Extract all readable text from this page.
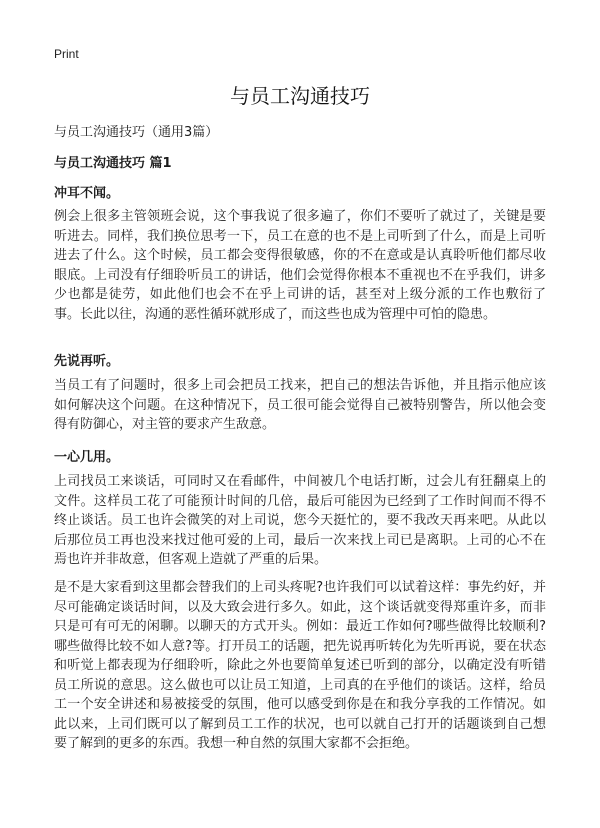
Print
与员工沟通技巧
与员工沟通技巧（通用3篇）
与员工沟通技巧 篇1
冲耳不闻。
例会上很多主管领班会说，这个事我说了很多遍了，你们不要听了就过了，关键是要听进去。同样，我们换位思考一下，员工在意的也不是上司听到了什么，而是上司听进去了什么。这个时候，员工都会变得很敏感，你的不在意或是认真聆听他们都尽收眼底。上司没有仔细聆听员工的讲话，他们会觉得你根本不重视也不在乎我们，讲多少也都是徒劳，如此他们也会不在乎上司讲的话，甚至对上级分派的工作也敷衍了事。长此以往，沟通的恶性循环就形成了，而这些也成为管理中可怕的隐患。
先说再听。
当员工有了问题时，很多上司会把员工找来，把自己的想法告诉他，并且指示他应该如何解决这个问题。在这种情况下，员工很可能会觉得自己被特别警告，所以他会变得有防御心，对主管的要求产生敌意。
一心几用。
上司找员工来谈话，可同时又在看邮件，中间被几个电话打断，过会儿有狂翻桌上的文件。这样员工花了可能预计时间的几倍，最后可能因为已经到了工作时间而不得不终止谈话。员工也许会微笑的对上司说，您今天挺忙的，要不我改天再来吧。从此以后那位员工再也没来找过他可爱的上司，最后一次来找上司已是离职。上司的心不在焉也许并非故意，但客观上造就了严重的后果。
是不是大家看到这里都会替我们的上司头疼呢?也许我们可以试着这样：事先约好，并尽可能确定谈话时间，以及大致会进行多久。如此，这个谈话就变得郑重许多，而非只是可有可无的闲聊。以聊天的方式开头。例如：最近工作如何?哪些做得比较顺利?哪些做得比较不如人意?等。打开员工的话题，把先说再听转化为先听再说，要在状态和听觉上都表现为仔细聆听，除此之外也要简单复述已听到的部分，以确定没有听错员工所说的意思。这么做也可以让员工知道，上司真的在乎他们的谈话。这样，给员工一个安全讲述和易被接受的氛围，他可以感受到你是在和我分享我的工作情况。如此以来，上司们既可以了解到员工工作的状况，也可以就自己打开的话题谈到自己想要了解到的更多的东西。我想一种自然的氛围大家都不会拒绝。
